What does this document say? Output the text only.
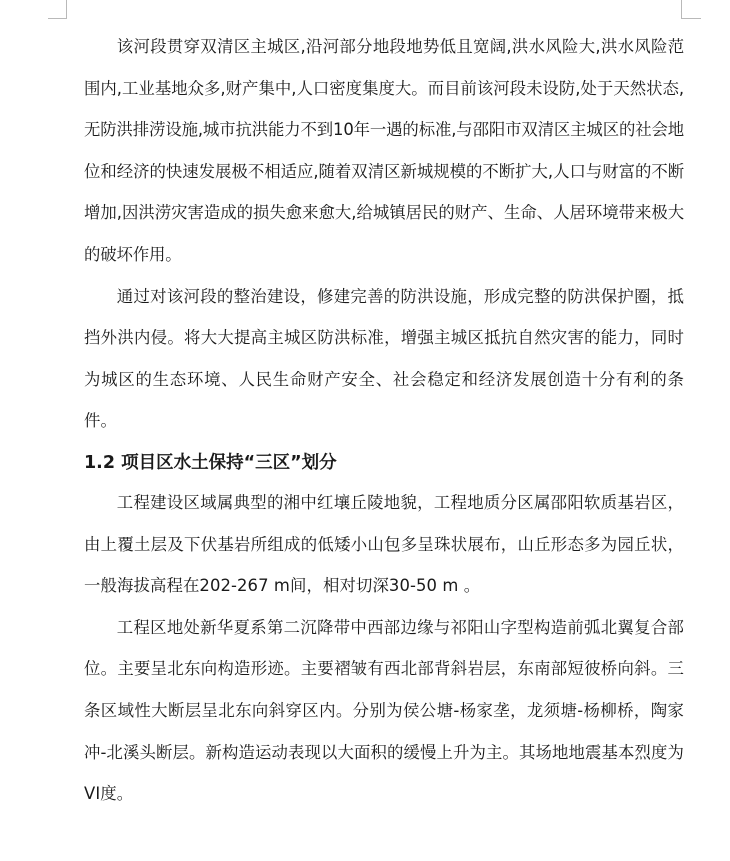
该河段贯穿双清区主城区,沿河部分地段地势低且宽阔,洪水风险大,洪水风险范围内,工业基地众多,财产集中,人口密度集度大。而目前该河段未设防,处于天然状态,无防洪排涝设施,城市抗洪能力不到10年一遇的标准,与邵阳市双清区主城区的社会地位和经济的快速发展极不相适应,随着双清区新城规模的不断扩大,人口与财富的不断增加,因洪涝灾害造成的损失愈来愈大,给城镇居民的财产、生命、人居环境带来极大的破坏作用。

通过对该河段的整治建设，修建完善的防洪设施，形成完整的防洪保护圈，抵挡外洪内侵。将大大提高主城区防洪标准，增强主城区抵抗自然灾害的能力，同时为城区的生态环境、人民生命财产安全、社会稳定和经济发展创造十分有利的条件。

1.2 项目区水土保持“三区”划分

工程建设区域属典型的湘中红壤丘陵地貌，工程地质分区属邵阳软质基岩区，由上覆土层及下伏基岩所组成的低矮小山包多呈珠状展布，山丘形态多为园丘状，一般海拔高程在202-267 m间，相对切深30-50 m 。

工程区地处新华夏系第二沉降带中西部边缘与祁阳山字型构造前弧北翼复合部位。主要呈北东向构造形迹。主要褶皱有西北部背斜岩层，东南部短彼桥向斜。三条区域性大断层呈北东向斜穿区内。分别为侯公塘-杨家垄，龙须塘-杨柳桥，陶家冲-北溪头断层。新构造运动表现以大面积的缓慢上升为主。其场地地震基本烈度为VI度。
